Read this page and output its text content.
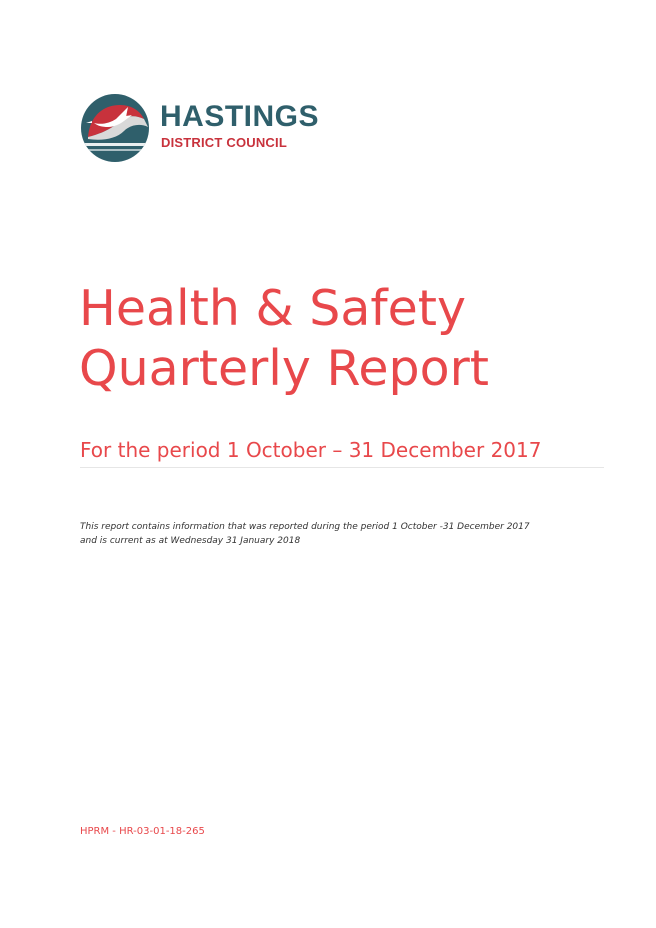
HASTINGS
DISTRICT COUNCIL
Health & Safety
Quarterly Report
For the period 1 October – 31 December 2017
This report contains information that was reported during the period 1 October -31 December 2017
and is current as at Wednesday 31 January 2018
HPRM - HR-03-01-18-265
